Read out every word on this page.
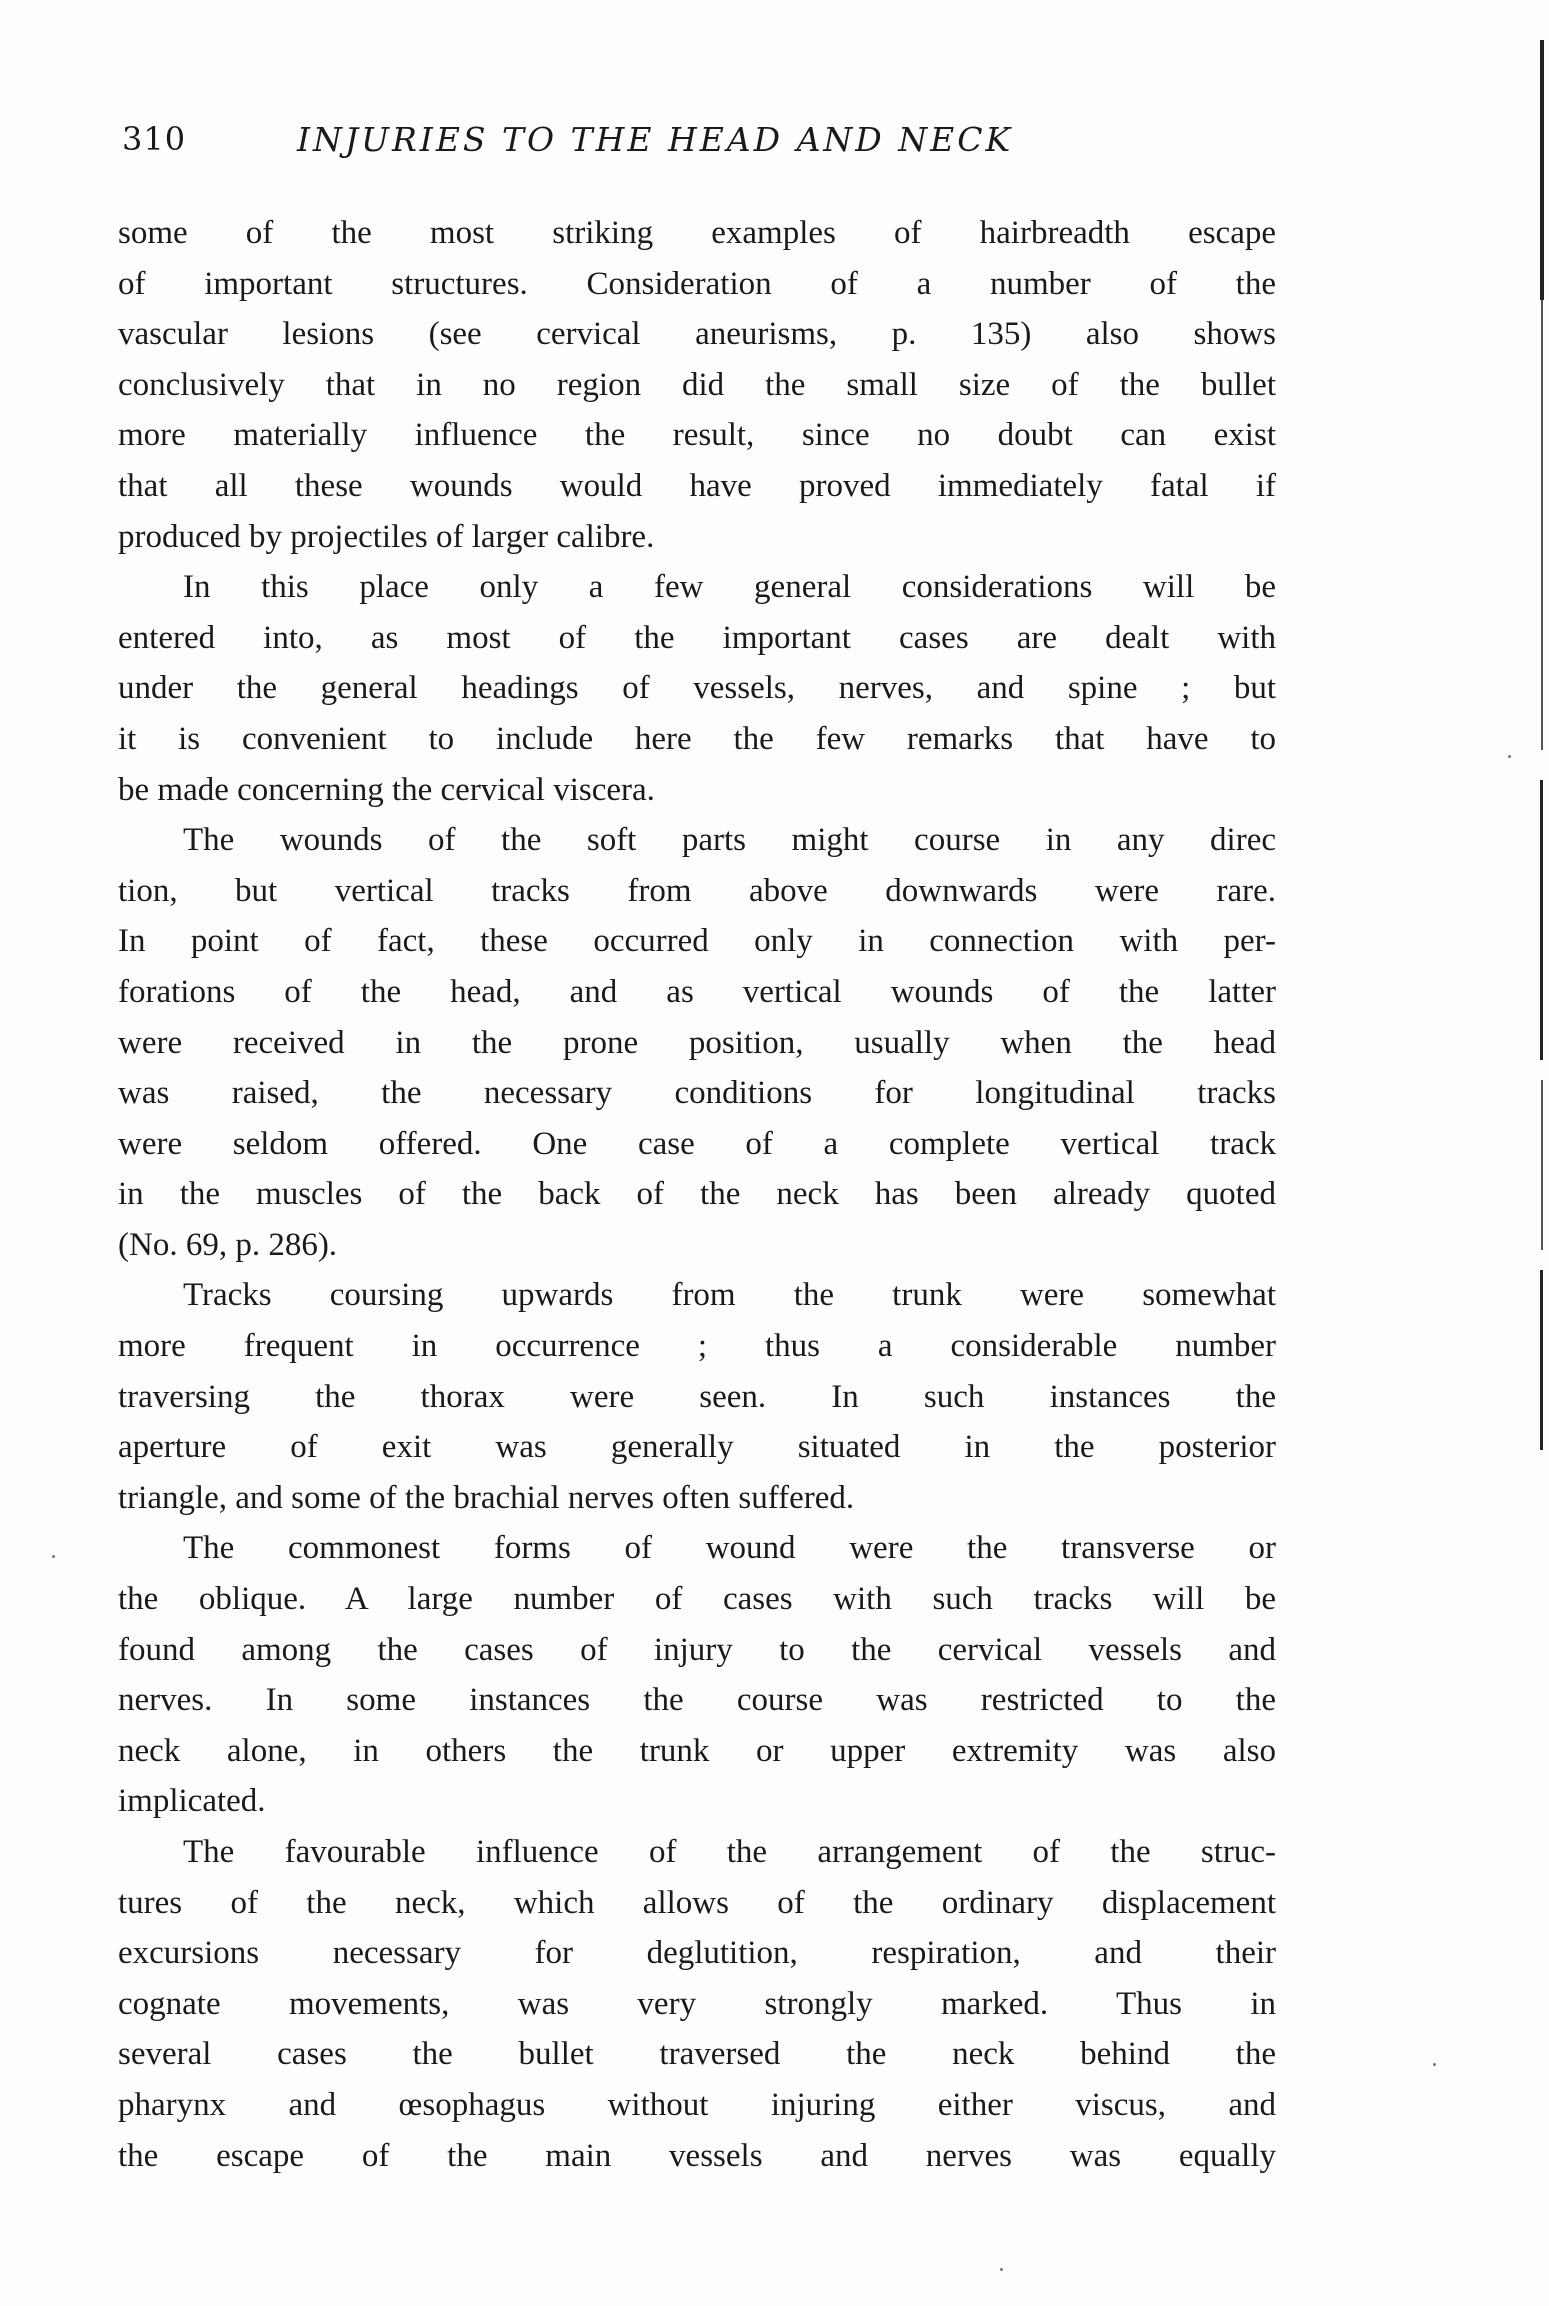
310	INJURIES TO THE HEAD AND NECK
some of the most striking examples of hairbreadth escape
of important structures. Consideration of a number of the
vascular lesions (see cervical aneurisms, p. 135) also shows
conclusively that in no region did the small size of the bullet
more materially influence the result, since no doubt can exist
that all these wounds would have proved immediately fatal if
produced by projectiles of larger calibre.
In this place only a few general considerations will be
entered into, as most of the important cases are dealt with
under the general headings of vessels, nerves, and spine ; but
it is convenient to include here the few remarks that have to
be made concerning the cervical viscera.
The wounds of the soft parts might course in any direc
tion, but vertical tracks from above downwards were rare.
In point of fact, these occurred only in connection with per-
forations of the head, and as vertical wounds of the latter
were received in the prone position, usually when the head
was raised, the necessary conditions for longitudinal tracks
were seldom offered. One case of a complete vertical track
in the muscles of the back of the neck has been already quoted
(No. 69, p. 286).
Tracks coursing upwards from the trunk were somewhat
more frequent in occurrence ; thus a considerable number
traversing the thorax were seen. In such instances the
aperture of exit was generally situated in the posterior
triangle, and some of the brachial nerves often suffered.
The commonest forms of wound were the transverse or
the oblique. A large number of cases with such tracks will be
found among the cases of injury to the cervical vessels and
nerves. In some instances the course was restricted to the
neck alone, in others the trunk or upper extremity was also
implicated.
The favourable influence of the arrangement of the struc-
tures of the neck, which allows of the ordinary displacement
excursions necessary for deglutition, respiration, and their
cognate movements, was very strongly marked. Thus in
several cases the bullet traversed the neck behind the
pharynx and œsophagus without injuring either viscus, and
the escape of the main vessels and nerves was equally
